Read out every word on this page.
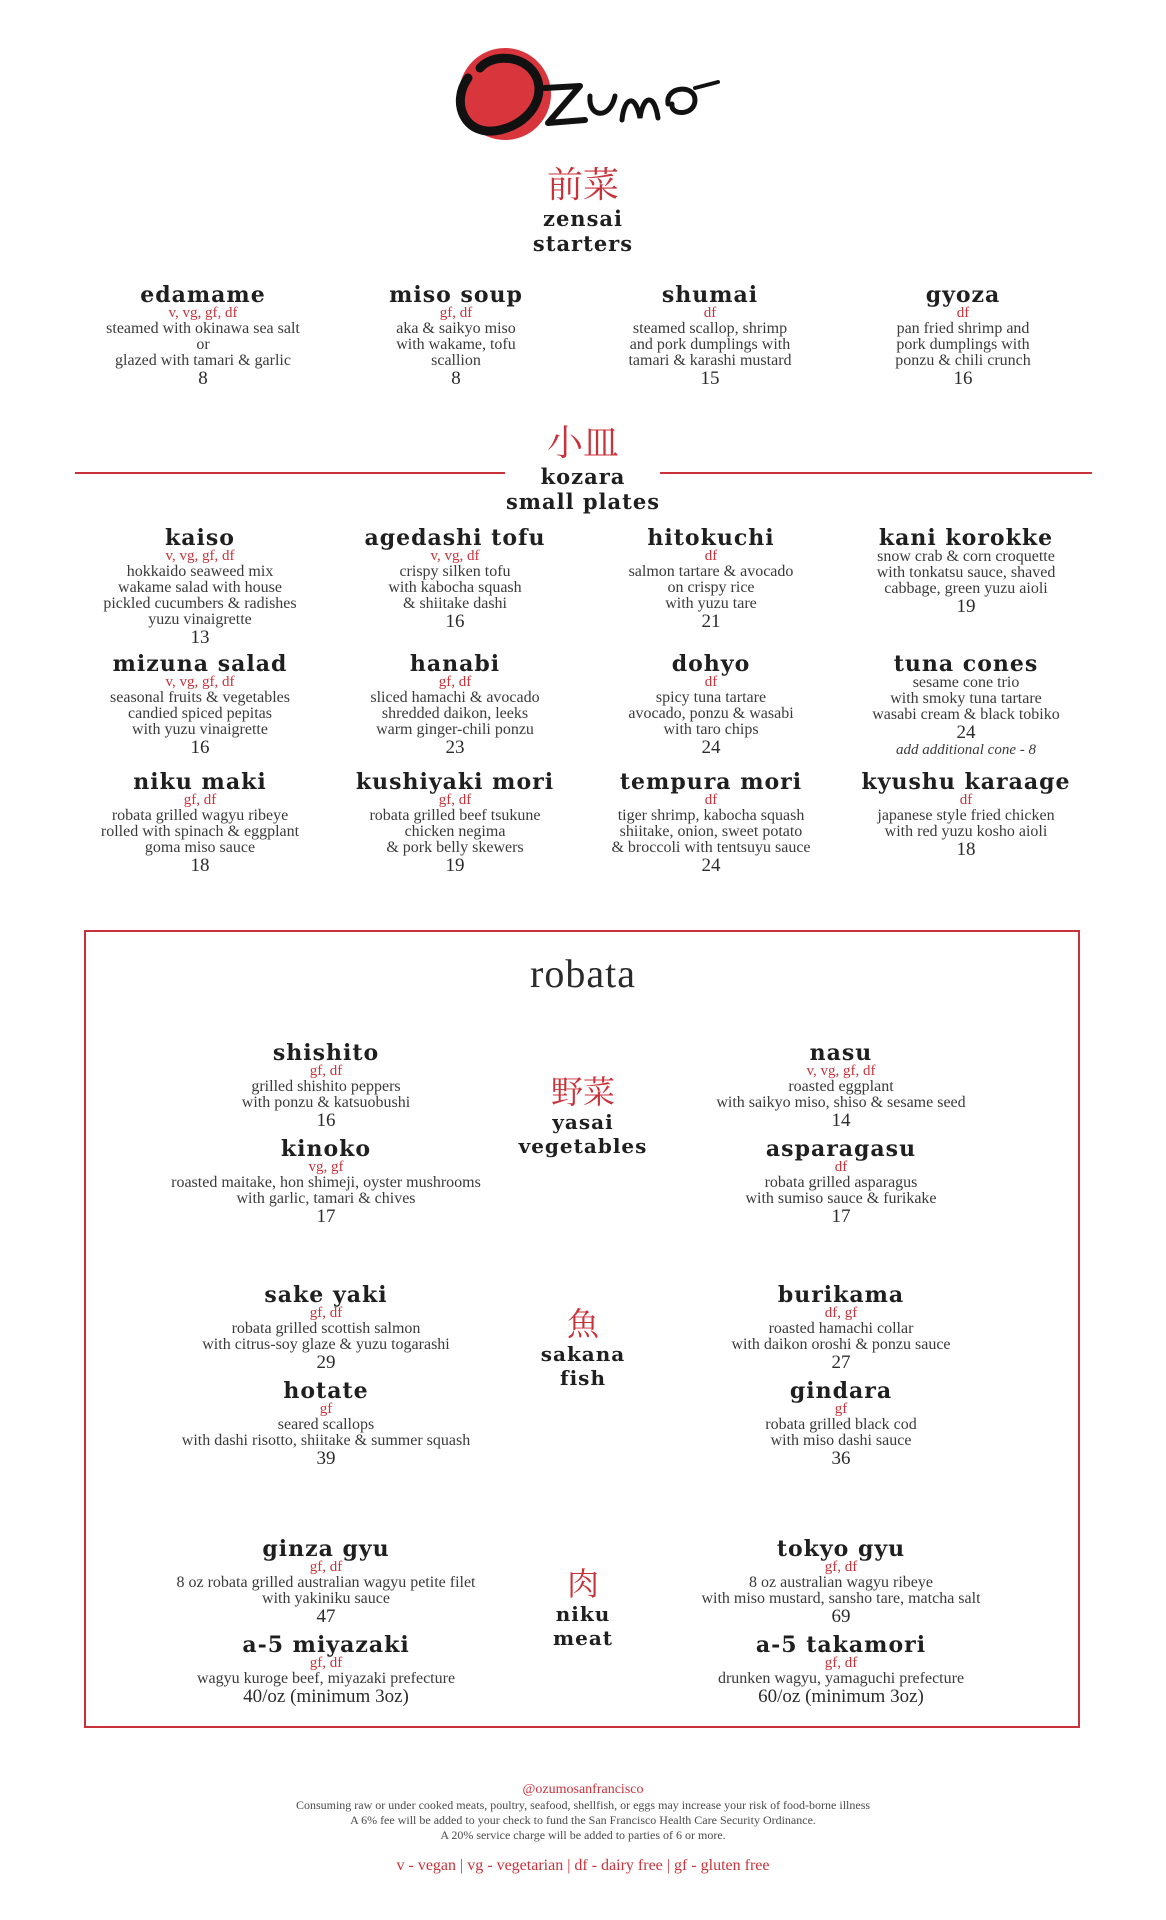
前菜
zensai
starters
edamame
v, vg, gf, df
steamed with okinawa sea salt
or
glazed with tamari & garlic
8
miso soup
gf, df
aka & saikyo miso
with wakame, tofu
scallion
8
shumai
df
steamed scallop, shrimp
and pork dumplings with
tamari & karashi mustard
15
gyoza
df
pan fried shrimp and
pork dumplings with
ponzu & chili crunch
16
小皿
kozara
small plates
kaiso
v, vg, gf, df
hokkaido seaweed mix
wakame salad with house
pickled cucumbers & radishes
yuzu vinaigrette
13
agedashi tofu
v, vg, df
crispy silken tofu
with kabocha squash
& shiitake dashi
16
hitokuchi
df
salmon tartare & avocado
on crispy rice
with yuzu tare
21
kani korokke
snow crab & corn croquette
with tonkatsu sauce, shaved
cabbage, green yuzu aioli
19
mizuna salad
v, vg, gf, df
seasonal fruits & vegetables
candied spiced pepitas
with yuzu vinaigrette
16
hanabi
gf, df
sliced hamachi & avocado
shredded daikon, leeks
warm ginger-chili ponzu
23
dohyo
df
spicy tuna tartare
avocado, ponzu & wasabi
with taro chips
24
tuna cones
sesame cone trio
with smoky tuna tartare
wasabi cream & black tobiko
24
add additional cone - 8
niku maki
gf, df
robata grilled wagyu ribeye
rolled with spinach & eggplant
goma miso sauce
18
kushiyaki mori
gf, df
robata grilled beef tsukune
chicken negima
& pork belly skewers
19
tempura mori
df
tiger shrimp, kabocha squash
shiitake, onion, sweet potato
& broccoli with tentsuyu sauce
24
kyushu karaage
df
japanese style fried chicken
with red yuzu kosho aioli
18
robata
shishito
gf, df
grilled shishito peppers
with ponzu & katsuobushi
16
kinoko
vg, gf
roasted maitake, hon shimeji, oyster mushrooms
with garlic, tamari & chives
17
野菜
yasai
vegetables
nasu
v, vg, gf, df
roasted eggplant
with saikyo miso, shiso & sesame seed
14
asparagasu
df
robata grilled asparagus
with sumiso sauce & furikake
17
sake yaki
gf, df
robata grilled scottish salmon
with citrus-soy glaze & yuzu togarashi
29
hotate
gf
seared scallops
with dashi risotto, shiitake & summer squash
39
魚
sakana
fish
burikama
df, gf
roasted hamachi collar
with daikon oroshi & ponzu sauce
27
gindara
gf
robata grilled black cod
with miso dashi sauce
36
ginza gyu
gf, df
8 oz robata grilled australian wagyu petite filet
with yakiniku sauce
47
a-5 miyazaki
gf, df
wagyu kuroge beef, miyazaki prefecture
40/oz (minimum 3oz)
肉
niku
meat
tokyo gyu
gf, df
8 oz australian wagyu ribeye
with miso mustard, sansho tare, matcha salt
69
a-5 takamori
gf, df
drunken wagyu, yamaguchi prefecture
60/oz (minimum 3oz)
@ozumosanfrancisco
Consuming raw or under cooked meats, poultry, seafood, shellfish, or eggs may increase your risk of food-borne illness
A 6% fee will be added to your check to fund the San Francisco Health Care Security Ordinance.
A 20% service charge will be added to parties of 6 or more.
v - vegan | vg - vegetarian | df - dairy free | gf - gluten free
